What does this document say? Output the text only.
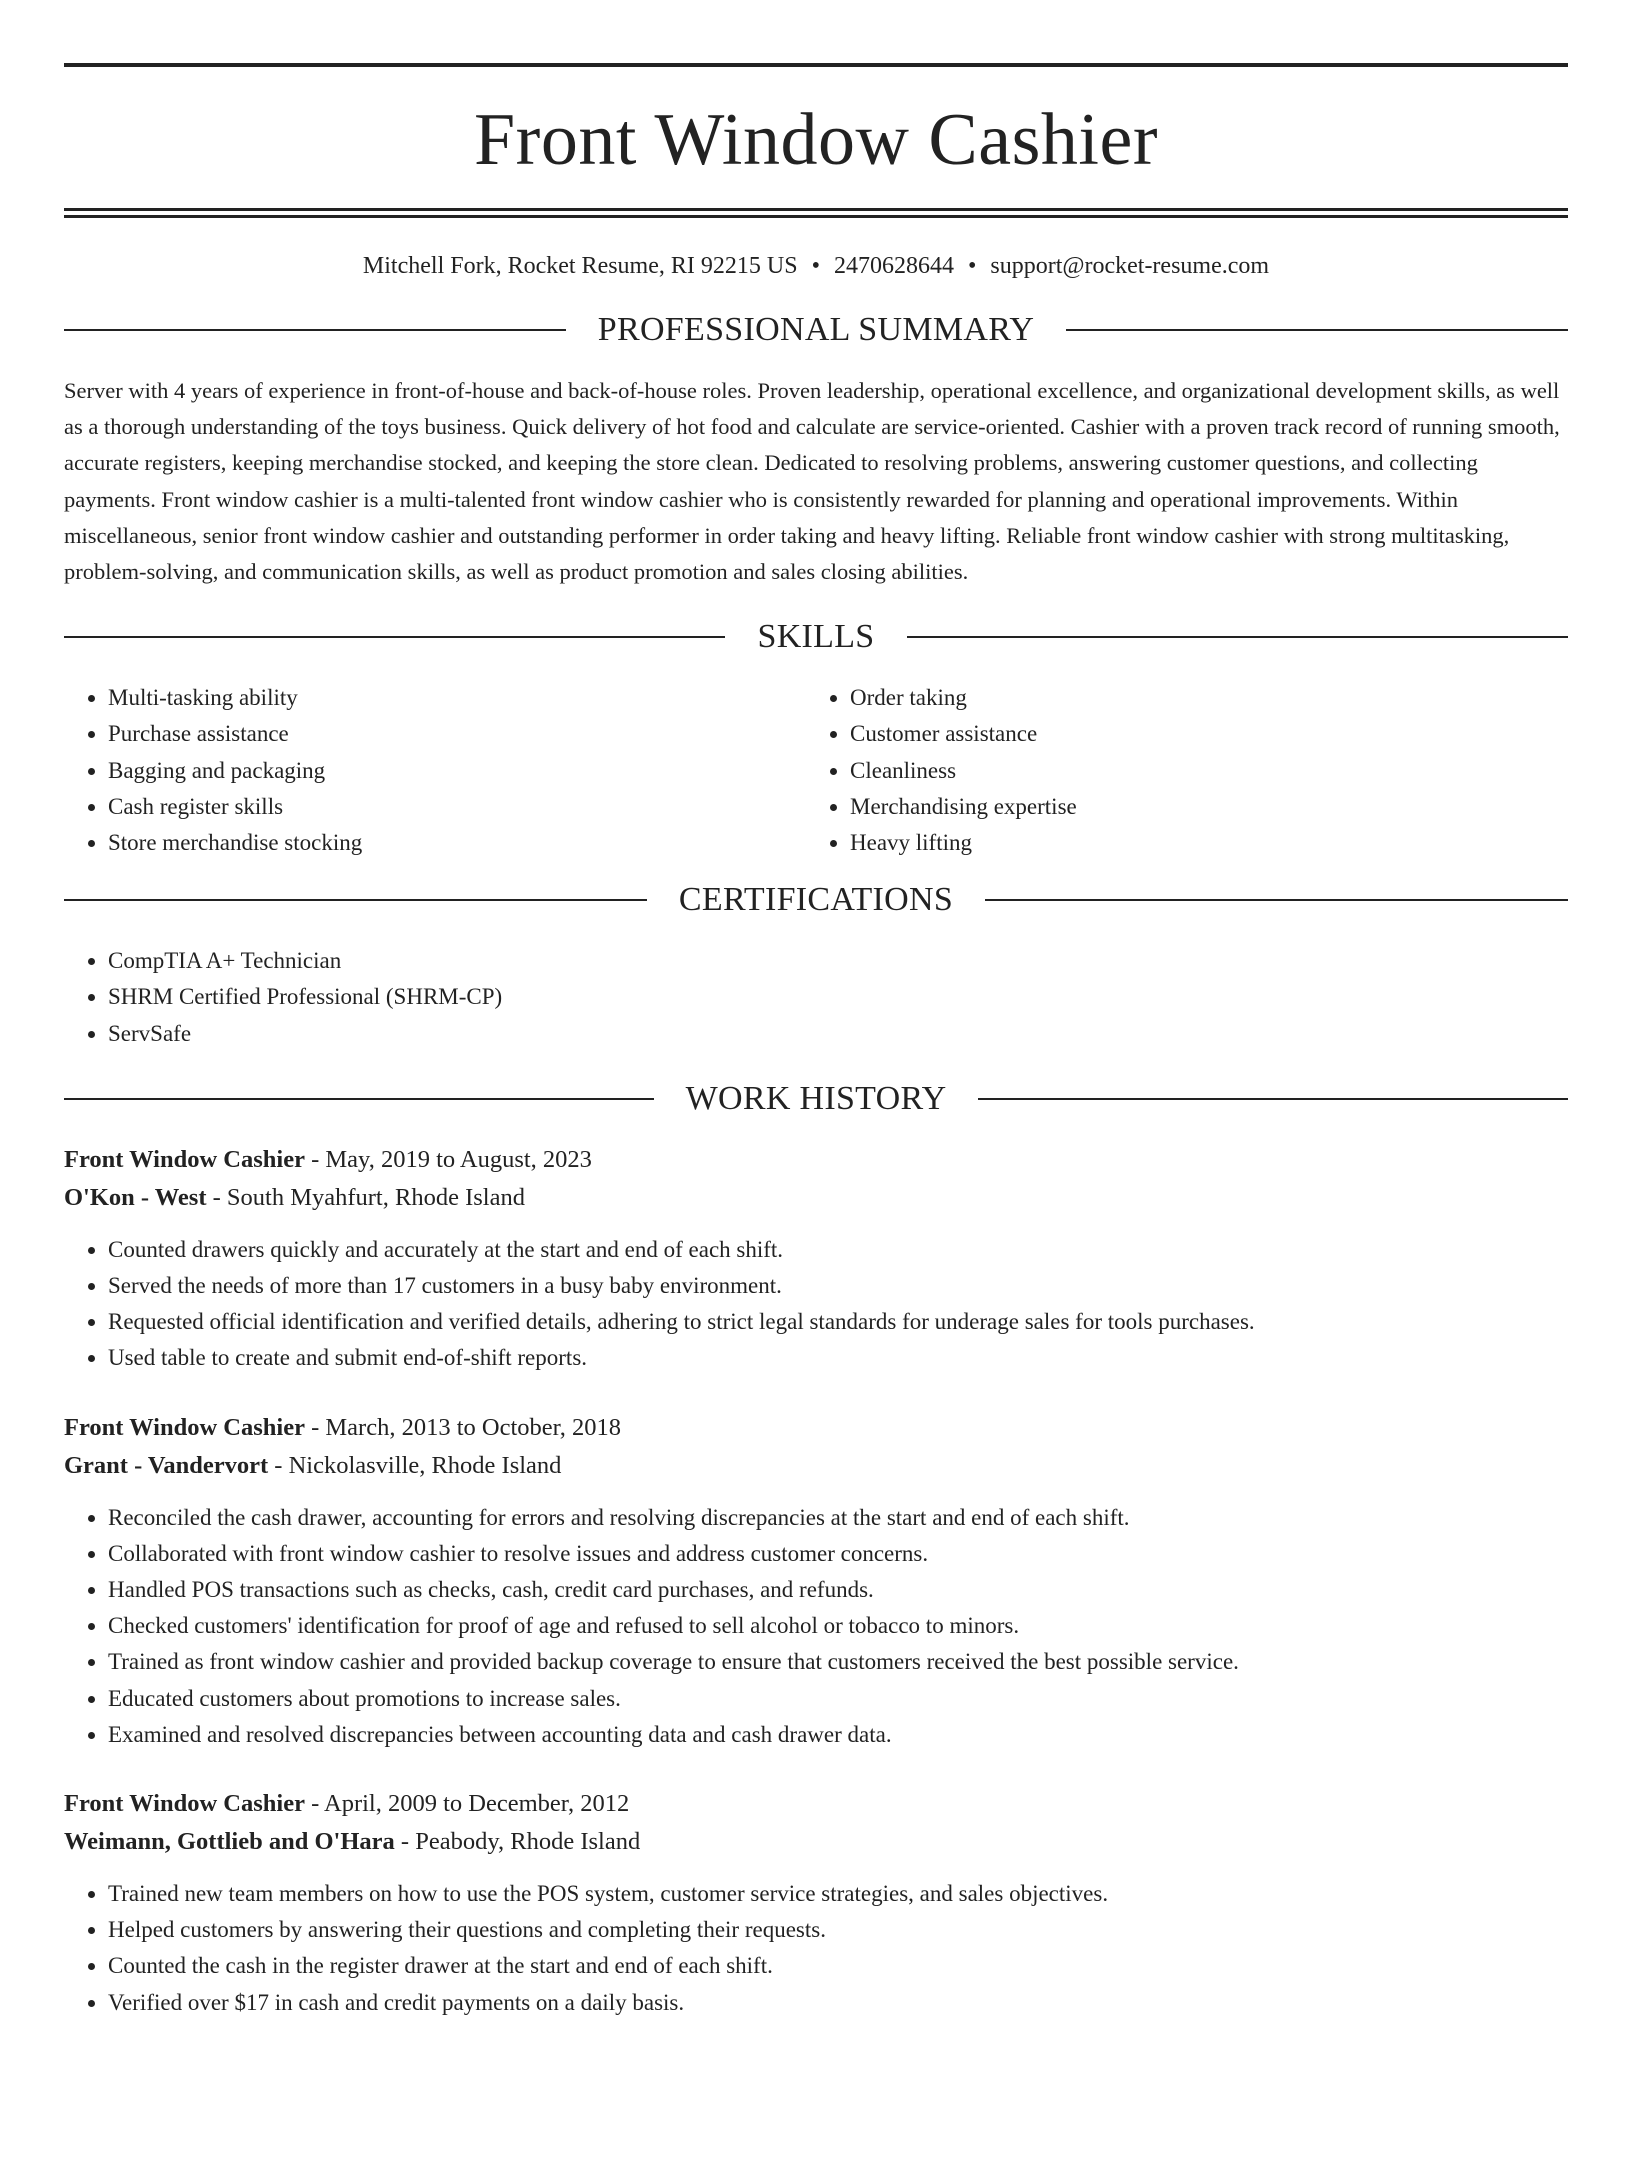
Front Window Cashier
Mitchell Fork, Rocket Resume, RI 92215 US • 2470628644 • support@rocket-resume.com
PROFESSIONAL SUMMARY

Server with 4 years of experience in front-of-house and back-of-house roles. Proven leadership, operational excellence, and organizational development skills, as well as a thorough understanding of the toys business. Quick delivery of hot food and calculate are service-oriented. Cashier with a proven track record of running smooth, accurate registers, keeping merchandise stocked, and keeping the store clean. Dedicated to resolving problems, answering customer questions, and collecting payments. Front window cashier is a multi-talented front window cashier who is consistently rewarded for planning and operational improvements. Within miscellaneous, senior front window cashier and outstanding performer in order taking and heavy lifting. Reliable front window cashier with strong multitasking, problem-solving, and communication skills, as well as product promotion and sales closing abilities.

SKILLS
• Multi-tasking ability
• Purchase assistance
• Bagging and packaging
• Cash register skills
• Store merchandise stocking
• Order taking
• Customer assistance
• Cleanliness
• Merchandising expertise
• Heavy lifting
CERTIFICATIONS
• CompTIA A+ Technician
• SHRM Certified Professional (SHRM-CP)
• ServSafe
WORK HISTORY
Front Window Cashier - May, 2019 to August, 2023
O'Kon - West - South Myahfurt, Rhode Island
• Counted drawers quickly and accurately at the start and end of each shift.
• Served the needs of more than 17 customers in a busy baby environment.
• Requested official identification and verified details, adhering to strict legal standards for underage sales for tools purchases.
• Used table to create and submit end-of-shift reports.
Front Window Cashier - March, 2013 to October, 2018
Grant - Vandervort - Nickolasville, Rhode Island
• Reconciled the cash drawer, accounting for errors and resolving discrepancies at the start and end of each shift.
• Collaborated with front window cashier to resolve issues and address customer concerns.
• Handled POS transactions such as checks, cash, credit card purchases, and refunds.
• Checked customers' identification for proof of age and refused to sell alcohol or tobacco to minors.
• Trained as front window cashier and provided backup coverage to ensure that customers received the best possible service.
• Educated customers about promotions to increase sales.
• Examined and resolved discrepancies between accounting data and cash drawer data.
Front Window Cashier - April, 2009 to December, 2012
Weimann, Gottlieb and O'Hara - Peabody, Rhode Island
• Trained new team members on how to use the POS system, customer service strategies, and sales objectives.
• Helped customers by answering their questions and completing their requests.
• Counted the cash in the register drawer at the start and end of each shift.
• Verified over $17 in cash and credit payments on a daily basis.
